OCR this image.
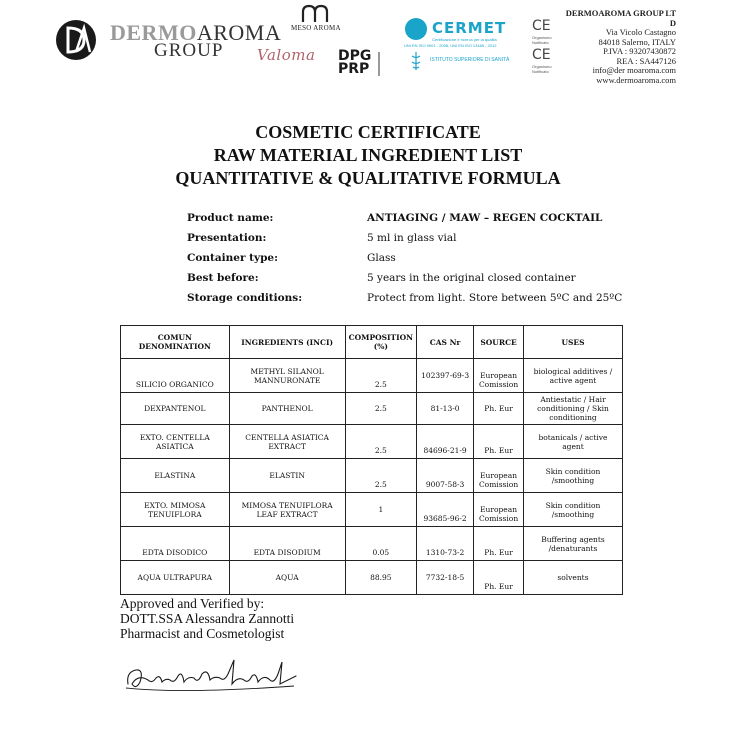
DERMOAROMA
GROUP
MESO AROMA
Valoma DPG
PRP
CERMET
Certificazione e ricerca per la qualità
UNI EN ISO 9001 - 2008, UNI EN ISO 13485 - 2012
ISTITUTO SUPERIORE DI SANITÀ
CE
Organismo Notificato
CE
Organismo Notificato
DERMOAROMA GROUP LT D
Via Vicolo Castagno
84018 Salerno, ITALY
P.IVA : 93207430872
REA : SA447126
info@der moaroma.com
www.dermoaroma.com
COSMETIC CERTIFICATE
RAW MATERIAL INGREDIENT LIST
QUANTITATIVE & QUALITATIVE FORMULA
Product name:	ANTIAGING / MAW – REGEN COCKTAIL
Presentation:	5 ml in glass vial
Container type:	Glass
Best before:	5 years in the original closed container
Storage conditions:	Protect from light. Store between 5ºC and 25ºC
COMUN DENOMINATION	INGREDIENTS (INCI)	COMPOSITION (%)	CAS Nr	SOURCE	USES
SILICIO ORGANICO	METHYL SILANOL MANNURONATE	2.5	102397-69-3	European Comission	biological additives / active agent
DEXPANTENOL	PANTHENOL	2.5	81-13-0	Ph. Eur	Antiestatic / Hair conditioning / Skin conditioning
EXTO. CENTELLA ASIATICA	CENTELLA ASIATICA EXTRACT	2.5	84696-21-9	Ph. Eur	botanicals / active agent
ELASTINA	ELASTIN	2.5	9007-58-3	European Comission	Skin condition /smoothing
EXTO. MIMOSA TENUIFLORA	MIMOSA TENUIFLORA LEAF EXTRACT	1	93685-96-2	European Comission	Skin condition /smoothing
EDTA DISODICO	EDTA DISODIUM	0.05	1310-73-2	Ph. Eur	Buffering agents /denaturants
AQUA ULTRAPURA	AQUA	88.95	7732-18-5	Ph. Eur	solvents
Approved and Verified by:
DOTT.SSA Alessandra Zannotti
Pharmacist and Cosmetologist
